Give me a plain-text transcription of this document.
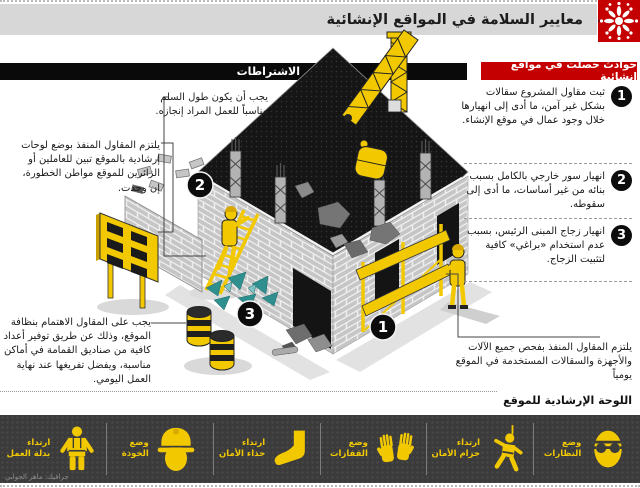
معايير السلامة في المواقع الإنشائية
الاشتراطات	حوادث حصلت في مواقع إنشائية
1
2
3
1
ثبت مقاول المشروع سقالات بشكل غير آمن، ما أدى إلى انهيارها خلال وجود عمال في موقع الإنشاء.
2
انهيار سور خارجي بالكامل بسبب بنائه من غير أساسات، ما أدى إلى سقوطه.
3
انهيار زجاج المبنى الرئيس، بسبب عدم استخدام «براغي» كافية لتثبيت الزجاج.
يلتزم المقاول المنفذ بفحص جميع الآلات والأجهزة والسقالات المستخدمة في الموقع يومياً
يجب أن يكون طول السلم مناسباً للعمل المراد إنجازه.
يلتزم المقاول المنفذ بوضع لوحات إرشادية بالموقع تبين للعاملين أو الزائرين للموقع مواطن الخطورة، إن وجدت.
يجب على المقاول الاهتمام بنظافة الموقع، وذلك عن طريق توفير أعداد كافية من صناديق القمامة في أماكن مناسبة، ويفضل تفريغها عند نهاية العمل اليومي.
اللوحة الإرشادية للموقع
وضع
النظارات
ارتداء
حزام الأمان
وضع
القفازات
ارتداء
حذاء الأمان
وضع
الخوذة
ارتداء
بدلة العمل
جرافيك: ماهر الجوابي
